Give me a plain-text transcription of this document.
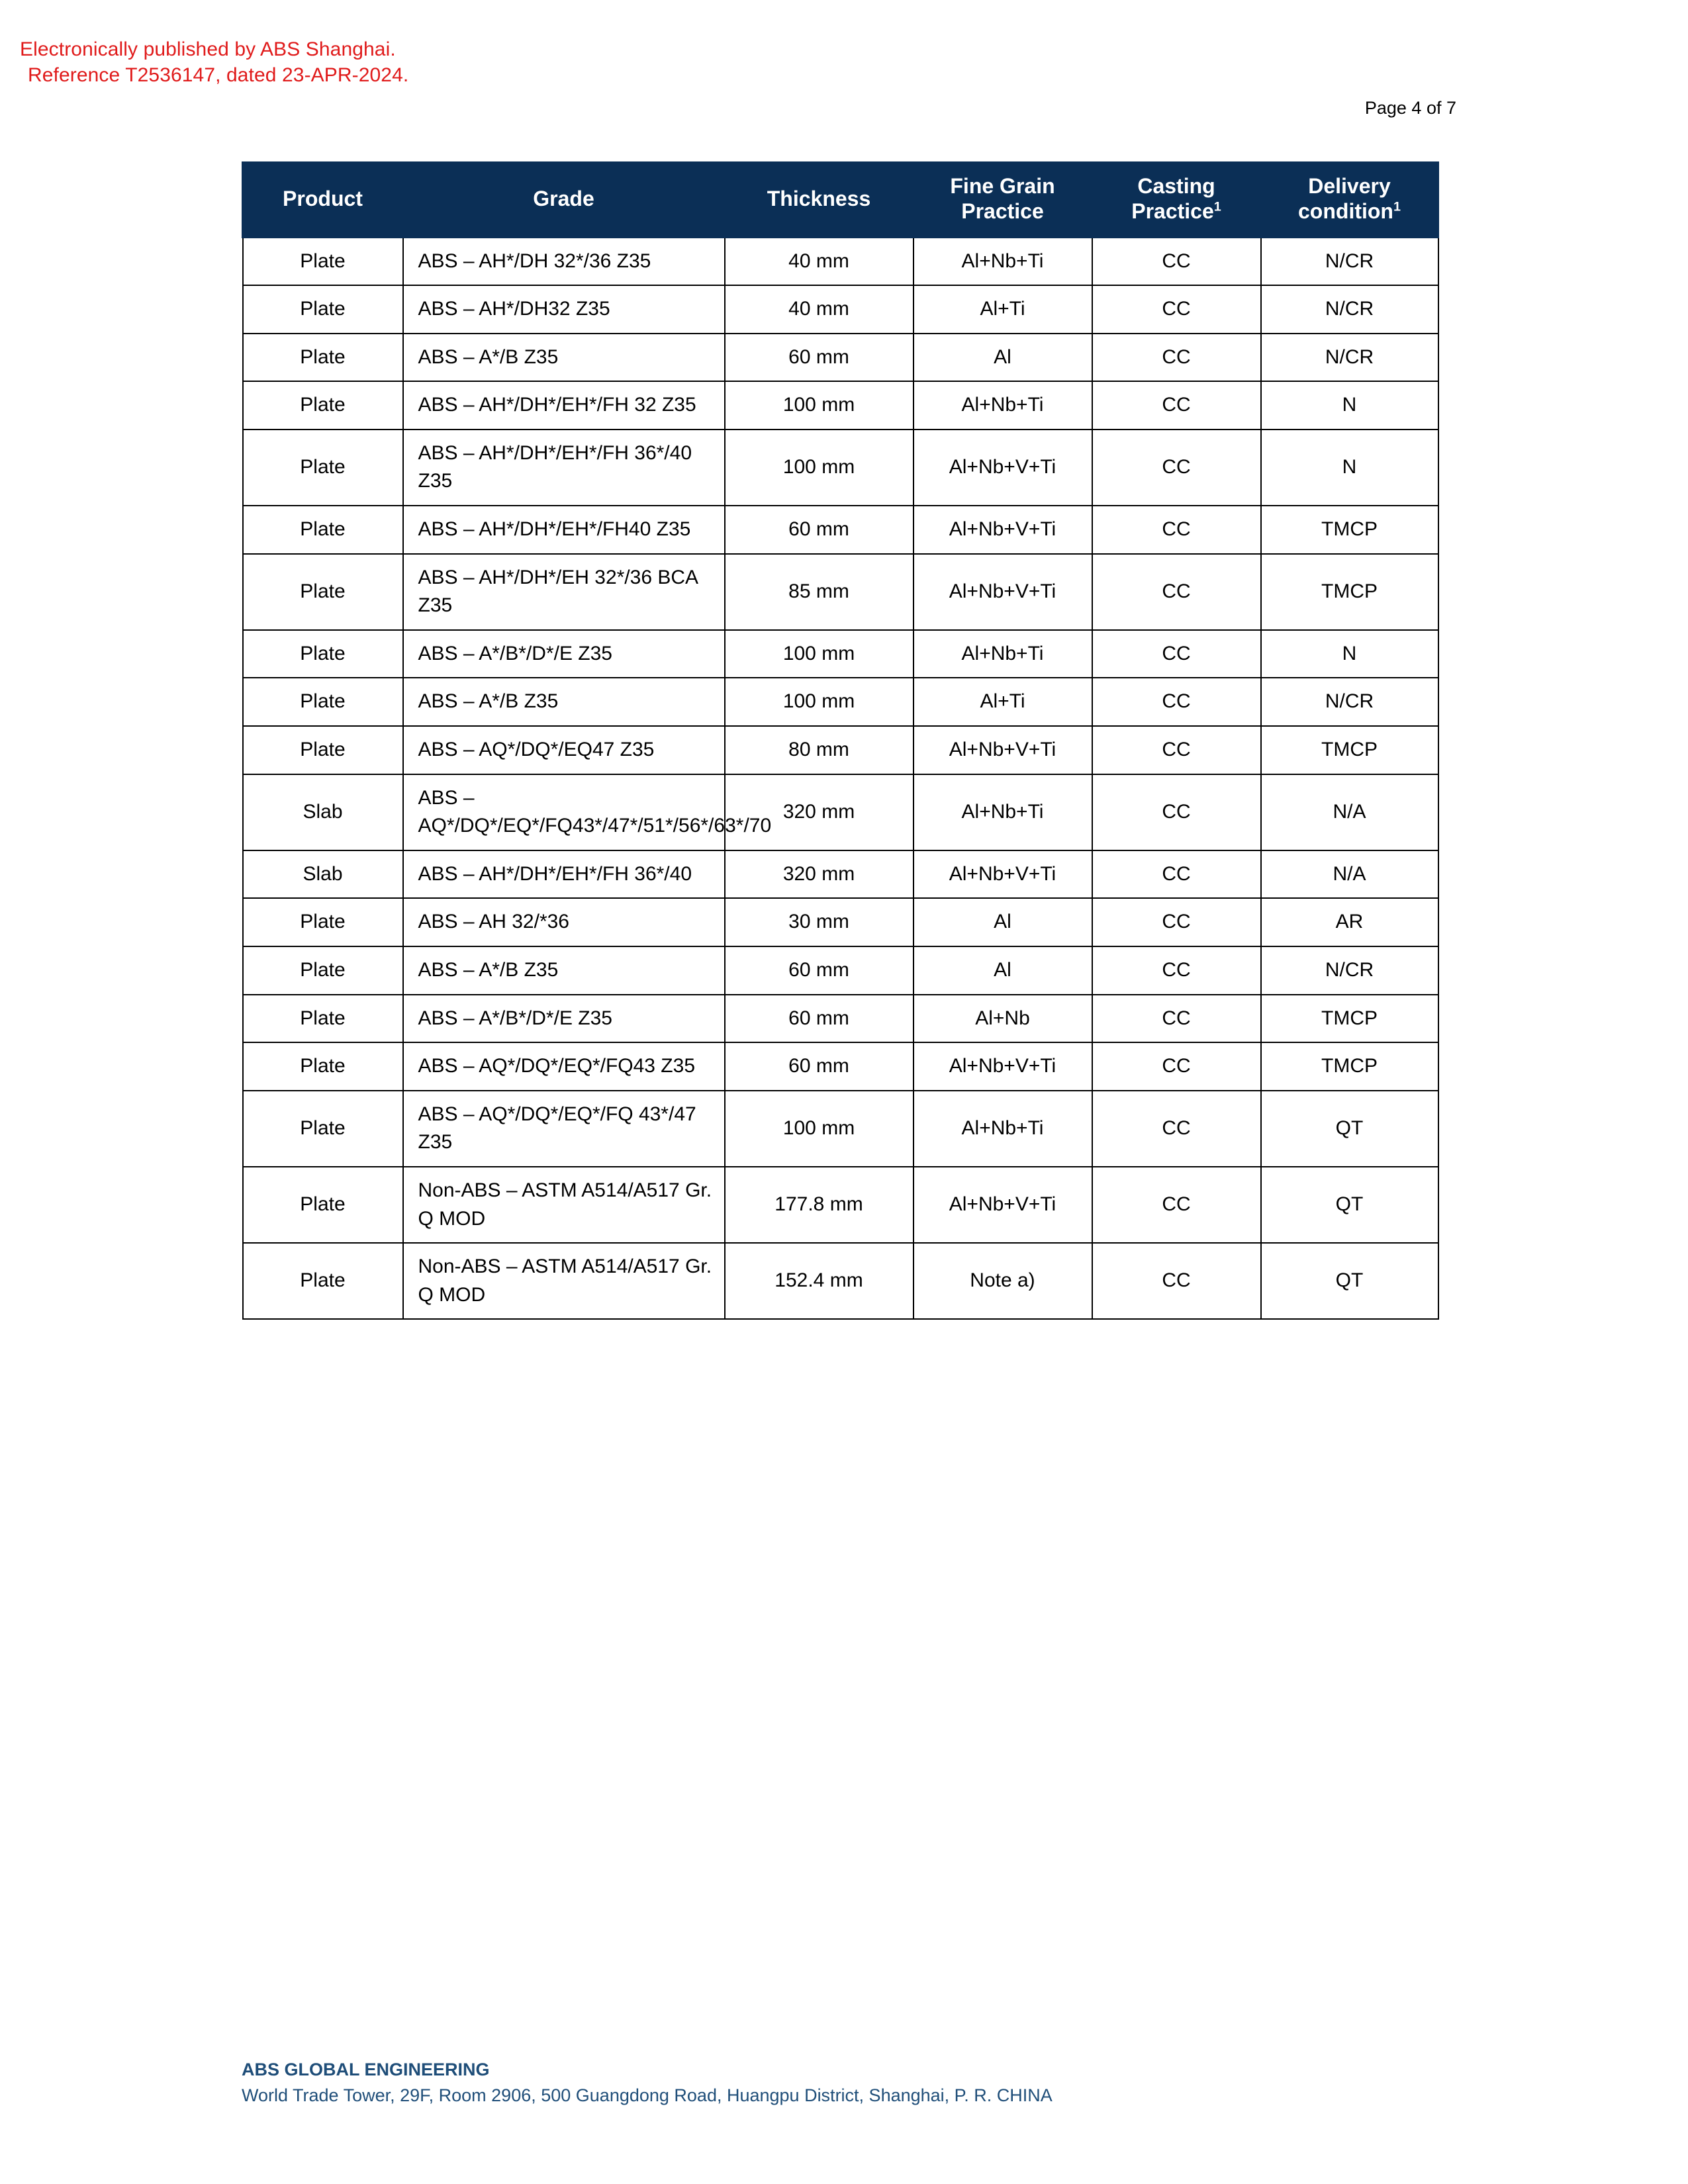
Electronically published by ABS Shanghai.

Reference T2536147, dated 23-APR-2024.

Page 4 of 7
Product	Grade	Thickness	Fine Grain Practice	Casting Practice$^1$	Delivery condition$^1$
Plate	ABS – AH*/DH 32*/36 Z35	40 mm	Al+Nb+Ti	CC	N/CR
Plate	ABS – AH*/DH32 Z35	40 mm	Al+Ti	CC	N/CR
Plate	ABS – A*/B Z35	60 mm	Al	CC	N/CR
Plate	ABS – AH*/DH*/EH*/FH 32 Z35	100 mm	Al+Nb+Ti	CC	N
Plate	ABS – AH*/DH*/EH*/FH 36*/40 Z35	100 mm	Al+Nb+V+Ti	CC	N
Plate	ABS – AH*/DH*/EH*/FH40 Z35	60 mm	Al+Nb+V+Ti	CC	TMCP
Plate	ABS – AH*/DH*/EH 32*/36 BCA Z35	85 mm	Al+Nb+V+Ti	CC	TMCP
Plate	ABS – A*/B*/D*/E Z35	100 mm	Al+Nb+Ti	CC	N
Plate	ABS – A*/B Z35	100 mm	Al+Ti	CC	N/CR
Plate	ABS – AQ*/DQ*/EQ47 Z35	80 mm	Al+Nb+V+Ti	CC	TMCP
Slab	ABS – AQ*/DQ*/EQ*/FQ43*/47*/51*/56*/63*/70	320 mm	Al+Nb+Ti	CC	N/A
Slab	ABS – AH*/DH*/EH*/FH 36*/40	320 mm	Al+Nb+V+Ti	CC	N/A
Plate	ABS – AH 32/*36	30 mm	Al	CC	AR
Plate	ABS – A*/B Z35	60 mm	Al	CC	N/CR
Plate	ABS – A*/B*/D*/E Z35	60 mm	Al+Nb	CC	TMCP
Plate	ABS – AQ*/DQ*/EQ*/FQ43 Z35	60 mm	Al+Nb+V+Ti	CC	TMCP
Plate	ABS – AQ*/DQ*/EQ*/FQ 43*/47 Z35	100 mm	Al+Nb+Ti	CC	QT
Plate	Non-ABS – ASTM A514/A517 Gr. Q MOD	177.8 mm	Al+Nb+V+Ti	CC	QT
Plate	Non-ABS – ASTM A514/A517 Gr. Q MOD	152.4 mm	Note a)	CC	QT
ABS GLOBAL ENGINEERING
World Trade Tower, 29F, Room 2906, 500 Guangdong Road, Huangpu District, Shanghai, P. R. CHINA
